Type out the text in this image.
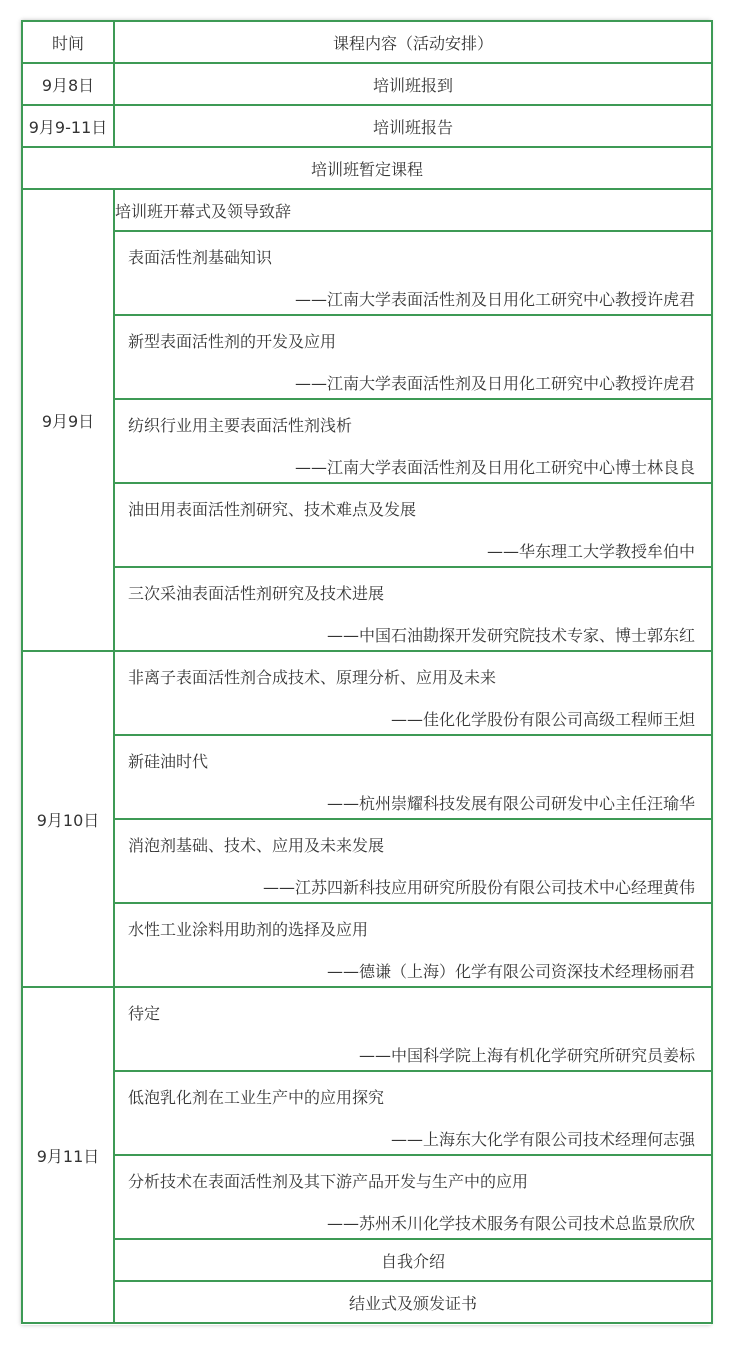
时间	课程内容（活动安排）
9月8日	培训班报到
9月9-11日	培训班报告
培训班暂定课程	
9月9日	培训班开幕式及领导致辞

	表面活性剂基础知识
——江南大学表面活性剂及日用化工研究中心教授许虎君

	新型表面活性剂的开发及应用
——江南大学表面活性剂及日用化工研究中心教授许虎君

	纺织行业用主要表面活性剂浅析
——江南大学表面活性剂及日用化工研究中心博士林良良

	油田用表面活性剂研究、技术难点及发展
——华东理工大学教授牟伯中

	三次采油表面活性剂研究及技术进展
——中国石油勘探开发研究院技术专家、博士郭东红

9月10日	非离子表面活性剂合成技术、原理分析、应用及未来
——佳化化学股份有限公司高级工程师王炟

	新硅油时代
——杭州崇耀科技发展有限公司研发中心主任汪瑜华

	消泡剂基础、技术、应用及未来发展
——江苏四新科技应用研究所股份有限公司技术中心经理黄伟

	水性工业涂料用助剂的选择及应用
——德谦（上海）化学有限公司资深技术经理杨丽君

9月11日	待定
——中国科学院上海有机化学研究所研究员姜标

	低泡乳化剂在工业生产中的应用探究
——上海东大化学有限公司技术经理何志强

	分析技术在表面活性剂及其下游产品开发与生产中的应用
——苏州禾川化学技术服务有限公司技术总监景欣欣

	自我介绍
	结业式及颁发证书
